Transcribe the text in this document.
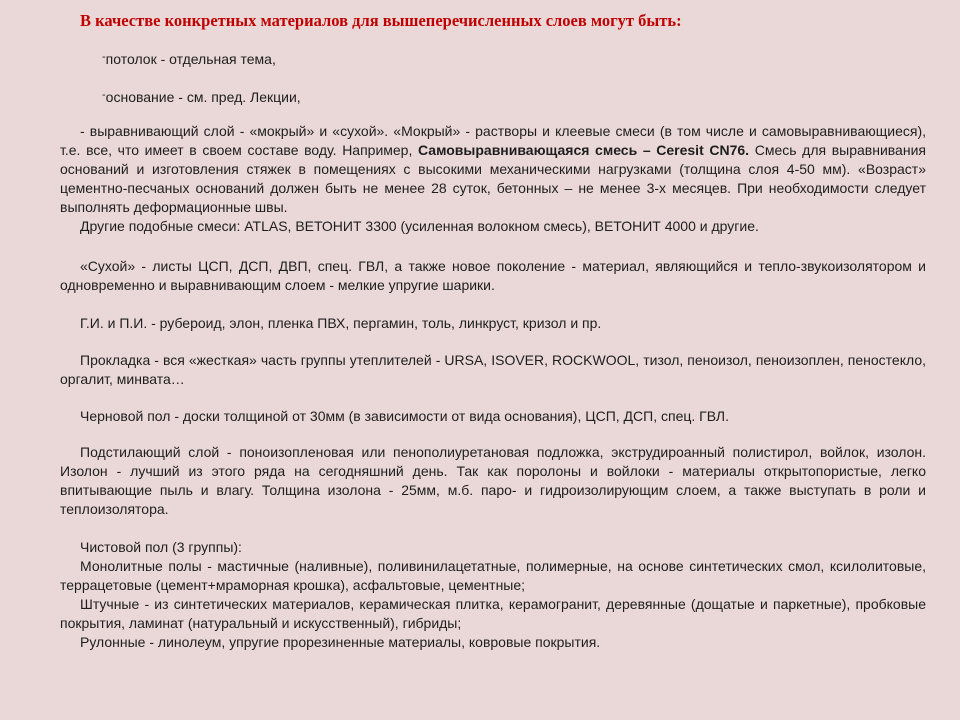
В качестве конкретных материалов для вышеперечисленных слоев могут быть:
-потолок - отдельная тема,
-основание - см. пред. Лекции,
- выравнивающий слой - «мокрый» и «сухой». «Мокрый» - растворы и клеевые смеси (в том числе и самовыравнивающиеся), т.е. все, что имеет в своем составе воду. Например, Самовыравнивающаяся смесь – Ceresit CN76. Смесь для выравнивания оснований и изготовления стяжек в помещениях с высокими механическими нагрузками (толщина слоя 4-50 мм). «Возраст» цементно-песчаных оснований должен быть не менее 28 суток, бетонных – не менее 3-х месяцев. При необходимости следует выполнять деформационные швы.
Другие подобные смеси: ATLAS, ВЕТОНИТ 3300 (усиленная волокном смесь), ВЕТОНИТ 4000 и другие.
«Сухой» - листы ЦСП, ДСП, ДВП, спец. ГВЛ, а также новое поколение - материал, являющийся и тепло-звукоизолятором и одновременно и выравнивающим слоем - мелкие упругие шарики.
Г.И. и П.И. - рубероид, элон, пленка ПВХ, пергамин, толь, линкруст, кризол и пр.
Прокладка - вся «жесткая» часть группы утеплителей - URSA, ISOVER, ROCKWOOL, тизол, пеноизол, пеноизоплен, пеностекло, оргалит, минвата…
Черновой пол - доски толщиной от 30мм (в зависимости от вида основания), ЦСП, ДСП, спец. ГВЛ.
Подстилающий слой - поноизопленовая или пенополиуретановая подложка, экструдироанный полистирол, войлок, изолон. Изолон - лучший из этого ряда на сегодняшний день. Так как поролоны и войлоки - материалы открытопористые, легко впитывающие пыль и влагу. Толщина изолона - 25мм, м.б. паро- и гидроизолирующим слоем, а также выступать в роли и теплоизолятора.
Чистовой пол (3 группы):
Монолитные полы - мастичные (наливные), поливинилацетатные, полимерные, на основе синтетических смол, ксилолитовые, террацетовые (цемент+мраморная крошка), асфальтовые, цементные;
Штучные - из синтетических материалов, керамическая плитка, керамогранит, деревянные (дощатые и паркетные), пробковые покрытия, ламинат (натуральный и искусственный), гибриды;
Рулонные - линолеум, упругие прорезиненные материалы, ковровые покрытия.
